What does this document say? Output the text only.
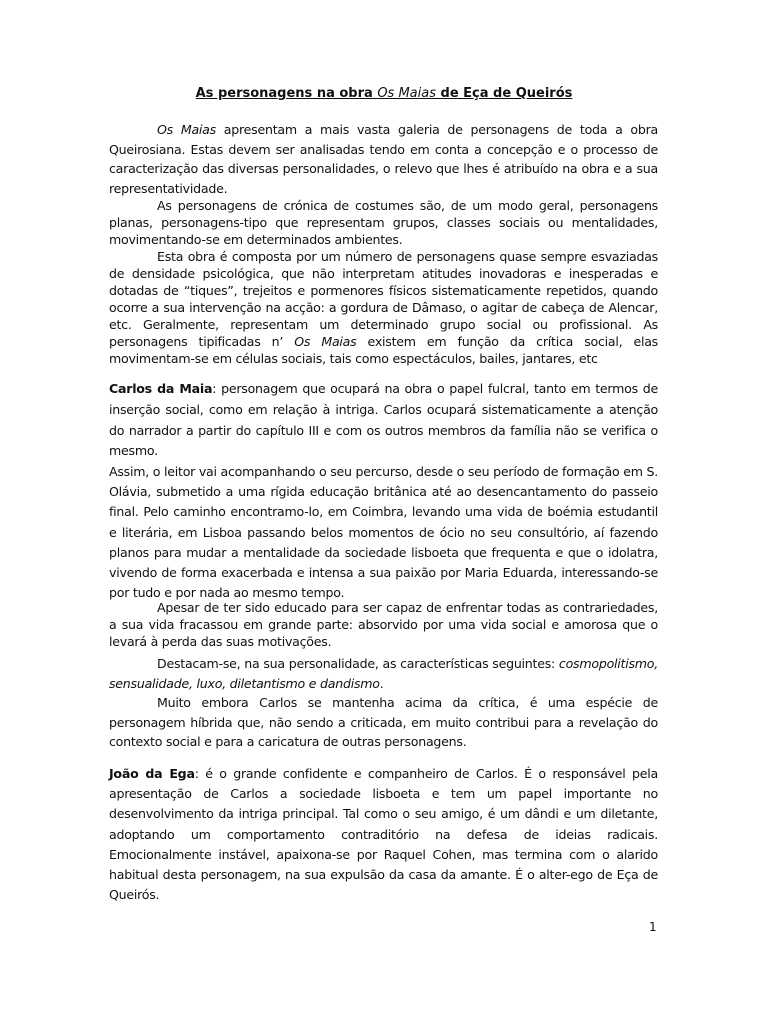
As personagens na obra Os Maias de Eça de Queirós

Os Maias apresentam a mais vasta galeria de personagens de toda a obra Queirosiana. Estas devem ser analisadas tendo em conta a concepção e o processo de caracterização das diversas personalidades, o relevo que lhes é atribuído na obra e a sua representatividade.

As personagens de crónica de costumes são, de um modo geral, personagens planas, personagens-tipo que representam grupos, classes sociais ou mentalidades, movimentando-se em determinados ambientes.

Esta obra é composta por um número de personagens quase sempre esvaziadas de densidade psicológica, que não interpretam atitudes inovadoras e inesperadas e dotadas de “tiques”, trejeitos e pormenores físicos sistematicamente repetidos, quando ocorre a sua intervenção na acção: a gordura de Dâmaso, o agitar de cabeça de Alencar, etc. Geralmente, representam um determinado grupo social ou profissional. As personagens tipificadas n’ Os Maias existem em função da crítica social, elas movimentam-se em células sociais, tais como espectáculos, bailes, jantares, etc

Carlos da Maia: personagem que ocupará na obra o papel fulcral, tanto em termos de inserção social, como em relação à intriga. Carlos ocupará sistematicamente a atenção do narrador a partir do capítulo III e com os outros membros da família não se verifica o mesmo.

Assim, o leitor vai acompanhando o seu percurso, desde o seu período de formação em S. Olávia, submetido a uma rígida educação britânica até ao desencantamento do passeio final. Pelo caminho encontramo-lo, em Coimbra, levando uma vida de boémia estudantil e literária, em Lisboa passando belos momentos de ócio no seu consultório, aí fazendo planos para mudar a mentalidade da sociedade lisboeta que frequenta e que o idolatra, vivendo de forma exacerbada e intensa a sua paixão por Maria Eduarda, interessando-se por tudo e por nada ao mesmo tempo.

Apesar de ter sido educado para ser capaz de enfrentar todas as contrariedades, a sua vida fracassou em grande parte: absorvido por uma vida social e amorosa que o levará à perda das suas motivações.

Destacam-se, na sua personalidade, as características seguintes: cosmopolitismo, sensualidade, luxo, diletantismo e dandismo.

Muito embora Carlos se mantenha acima da crítica, é uma espécie de personagem híbrida que, não sendo a criticada, em muito contribui para a revelação do contexto social e para a caricatura de outras personagens.

João da Ega: é o grande confidente e companheiro de Carlos. É o responsável pela apresentação de Carlos a sociedade lisboeta e tem um papel importante no desenvolvimento da intriga principal. Tal como o seu amigo, é um dândi e um diletante, adoptando um comportamento contraditório na defesa de ideias radicais. Emocionalmente instável, apaixona-se por Raquel Cohen, mas termina com o alarido habitual desta personagem, na sua expulsão da casa da amante. É o alter-ego de Eça de Queirós.

1
